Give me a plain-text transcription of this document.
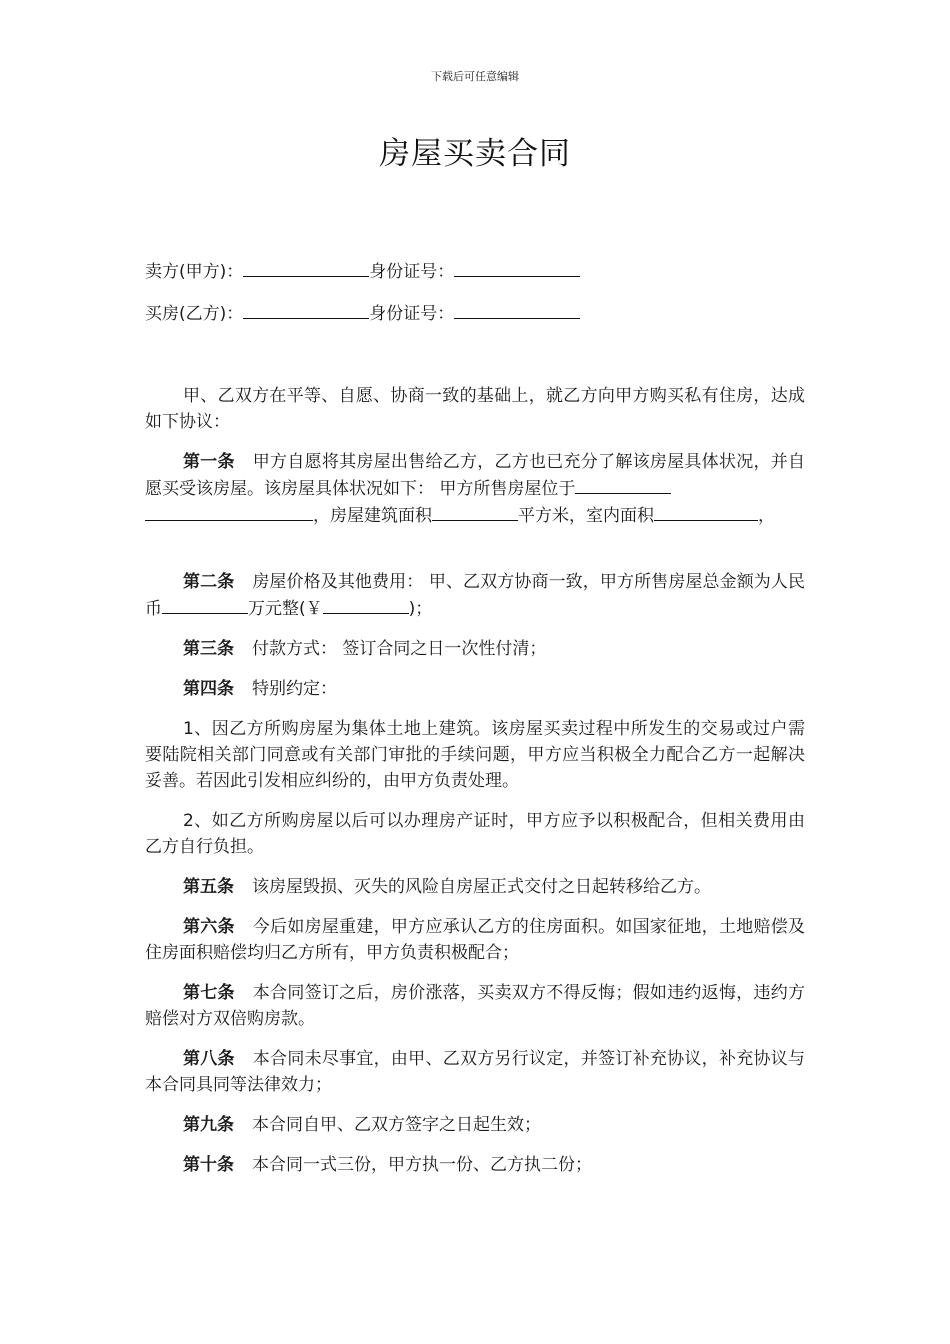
下载后可任意编辑
房屋买卖合同

卖方(甲方)：	身份证号：

买房(乙方)：	身份证号：

甲、乙双方在平等、自愿、协商一致的基础上，就乙方向甲方购买私有住房，达成如下协议：

第一条 甲方自愿将其房屋出售给乙方，乙方也已充分了解该房屋具体状况，并自愿买受该房屋。该房屋具体状况如下： 甲方所售房屋位于
，房屋建筑面积	平方米，室内面积	，

第二条 房屋价格及其他费用： 甲、乙双方协商一致，甲方所售房屋总金额为人民币	万元整(￥	)；

第三条 付款方式： 签订合同之日一次性付清；

第四条 特别约定：

1、因乙方所购房屋为集体土地上建筑。该房屋买卖过程中所发生的交易或过户需要陆院相关部门同意或有关部门审批的手续问题，甲方应当积极全力配合乙方一起解决妥善。若因此引发相应纠纷的，由甲方负责处理。

2、如乙方所购房屋以后可以办理房产证时，甲方应予以积极配合，但相关费用由乙方自行负担。

第五条 该房屋毁损、灭失的风险自房屋正式交付之日起转移给乙方。

第六条 今后如房屋重建，甲方应承认乙方的住房面积。如国家征地，土地赔偿及住房面积赔偿均归乙方所有，甲方负责积极配合；

第七条 本合同签订之后，房价涨落，买卖双方不得反悔；假如违约返悔，违约方赔偿对方双倍购房款。

第八条 本合同未尽事宜，由甲、乙双方另行议定，并签订补充协议，补充协议与本合同具同等法律效力；

第九条 本合同自甲、乙双方签字之日起生效；

第十条 本合同一式三份，甲方执一份、乙方执二份；
